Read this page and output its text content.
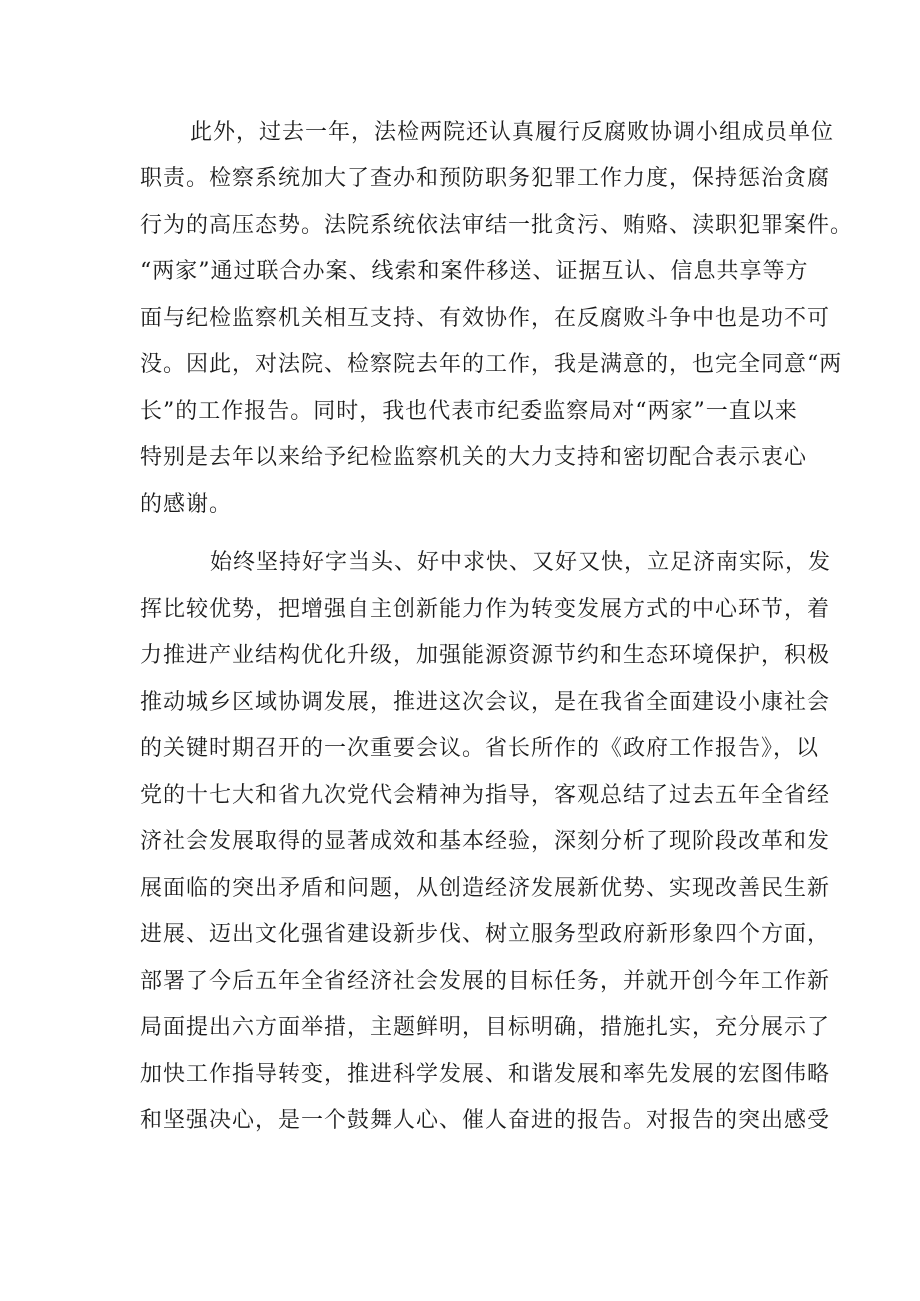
此外，过去一年，法检两院还认真履行反腐败协调小组成员单位
职责。检察系统加大了查办和预防职务犯罪工作力度，保持惩治贪腐
行为的高压态势。法院系统依法审结一批贪污、贿赂、渎职犯罪案件。
“两家”通过联合办案、线索和案件移送、证据互认、信息共享等方
面与纪检监察机关相互支持、有效协作，在反腐败斗争中也是功不可
没。因此，对法院、检察院去年的工作，我是满意的，也完全同意“两
长”的工作报告。同时，我也代表市纪委监察局对“两家”一直以来
特别是去年以来给予纪检监察机关的大力支持和密切配合表示衷心
的感谢。
始终坚持好字当头、好中求快、又好又快，立足济南实际，发
挥比较优势，把增强自主创新能力作为转变发展方式的中心环节，着
力推进产业结构优化升级，加强能源资源节约和生态环境保护，积极
推动城乡区域协调发展，推进这次会议，是在我省全面建设小康社会
的关键时期召开的一次重要会议。省长所作的《政府工作报告》，以
党的十七大和省九次党代会精神为指导，客观总结了过去五年全省经
济社会发展取得的显著成效和基本经验，深刻分析了现阶段改革和发
展面临的突出矛盾和问题，从创造经济发展新优势、实现改善民生新
进展、迈出文化强省建设新步伐、树立服务型政府新形象四个方面，
部署了今后五年全省经济社会发展的目标任务，并就开创今年工作新
局面提出六方面举措，主题鲜明，目标明确，措施扎实，充分展示了
加快工作指导转变，推进科学发展、和谐发展和率先发展的宏图伟略
和坚强决心，是一个鼓舞人心、催人奋进的报告。对报告的突出感受
